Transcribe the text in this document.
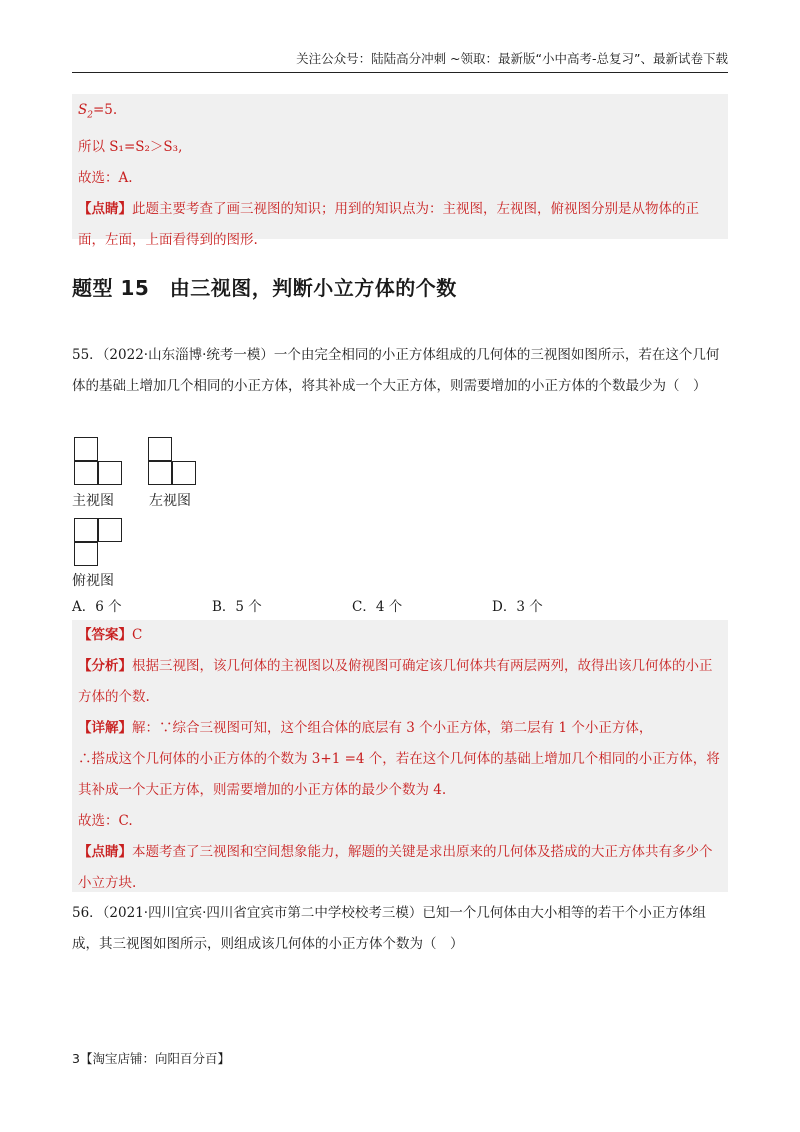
关注公众号：陆陆高分冲刺 ~领取：最新版“小中高考-总复习”、最新试卷下载

$S_2=5$.

所以 S₁=S₂＞S₃,

故选：A.

【点睛】此题主要考查了画三视图的知识；用到的知识点为：主视图，左视图，俯视图分别是从物体的正面，左面，上面看得到的图形.

题型 15　由三视图，判断小立方体的个数

55．（2022·山东淄博·统考一模）一个由完全相同的小正方体组成的几何体的三视图如图所示，若在这个几何体的基础上增加几个相同的小正方体，将其补成一个大正方体，则需要增加的小正方体的个数最少为（　）

主视图	左视图
俯视图
A．6 个	B．5 个	C．4 个	D．3 个

【答案】C

【分析】根据三视图，该几何体的主视图以及俯视图可确定该几何体共有两层两列，故得出该几何体的小正方体的个数.

【详解】解：∵综合三视图可知，这个组合体的底层有 3 个小正方体，第二层有 1 个小正方体，

∴搭成这个几何体的小正方体的个数为 3+1 =4 个，若在这个几何体的基础上增加几个相同的小正方体，将其补成一个大正方体，则需要增加的小正方体的最少个数为 4.

故选：C.

【点睛】本题考查了三视图和空间想象能力，解题的关键是求出原来的几何体及搭成的大正方体共有多少个小立方块.

56．（2021·四川宜宾·四川省宜宾市第二中学校校考三模）已知一个几何体由大小相等的若干个小正方体组成，其三视图如图所示，则组成该几何体的小正方体个数为（　）

3【淘宝店铺：向阳百分百】
